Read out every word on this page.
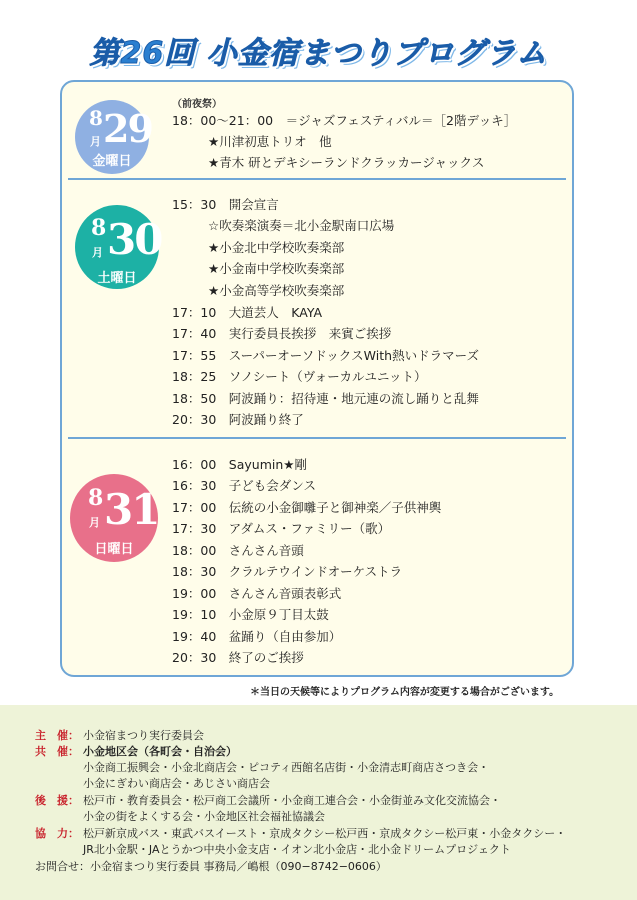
第26回 小金宿まつりプログラム
8
月 29
金曜日
（前夜祭）
18：00〜21：00　＝ジャズフェスティバル＝［2階デッキ］
★川津初恵トリオ　他
★青木 研とデキシーランドクラッカージャックス
8
月 30
土曜日
15：30　開会宣言
☆吹奏楽演奏＝北小金駅南口広場
★小金北中学校吹奏楽部
★小金南中学校吹奏楽部
★小金高等学校吹奏楽部
17：10　大道芸人　KAYA
17：40　実行委員長挨拶　来賓ご挨拶
17：55　スーパーオーソドックスWith熱いドラマーズ
18：25　ソノシート（ヴォーカルユニット）
18：50　阿波踊り：招待連・地元連の流し踊りと乱舞
20：30　阿波踊り終了
8
月 31
日曜日
16：00　Sayumin★剛
16：30　子ども会ダンス
17：00　伝統の小金御囃子と御神楽／子供神輿
17：30　アダムス・ファミリー（歌）
18：00　さんさん音頭
18：30　クラルテウインドオーケストラ
19：00　さんさん音頭表彰式
19：10　小金原９丁目太鼓
19：40　盆踊り（自由参加）
20：30　終了のご挨拶
＊当日の天候等によりプログラム内容が変更する場合がございます。
主　催： 小金宿まつり実行委員会
共　催： 小金地区会（各町会・自治会）
小金商工振興会・小金北商店会・ピコティ西館名店街・小金清志町商店さつき会・
小金にぎわい商店会・あじさい商店会
後　援： 松戸市・教育委員会・松戸商工会議所・小金商工連合会・小金街並み文化交流協会・
小金の街をよくする会・小金地区社会福祉協議会
協　力： 松戸新京成バス・東武バスイースト・京成タクシー松戸西・京成タクシー松戸東・小金タクシー・
JR北小金駅・JAとうかつ中央小金支店・イオン北小金店・北小金ドリームプロジェクト
お問合せ：小金宿まつり実行委員 事務局／嶋根（090−8742−0606）
